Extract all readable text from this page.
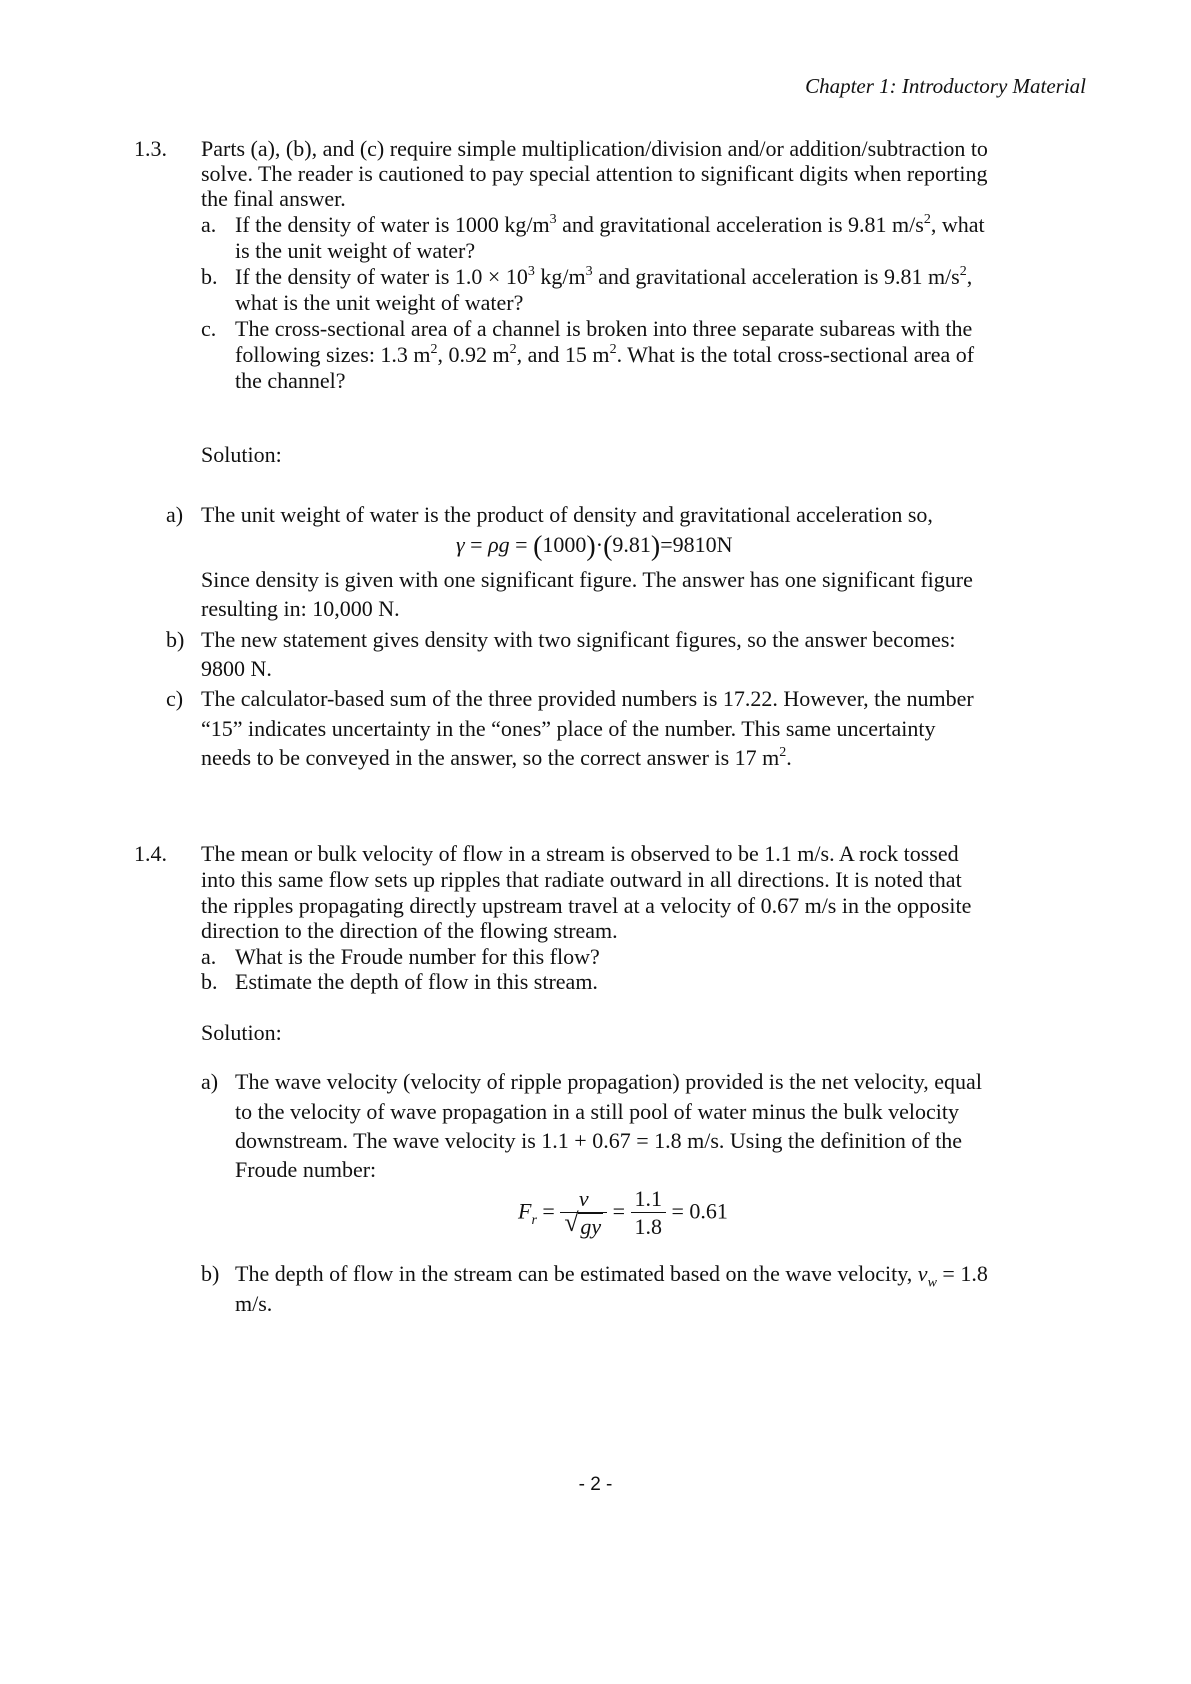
Chapter 1: Introductory Material
1.3. Parts (a), (b), and (c) require simple multiplication/division and/or addition/subtraction to
solve. The reader is cautioned to pay special attention to significant digits when reporting
the final answer.
a. If the density of water is 1000 $kg/m^3$ and gravitational acceleration is 9.81 $m/s^2$, what
is the unit weight of water?
b. If the density of water is $1.0 \times 10^3$ $kg/m^3$ and gravitational acceleration is 9.81 $m/s^2$,
what is the unit weight of water?
c. The cross-sectional area of a channel is broken into three separate subareas with the
following sizes: 1.3 $m^2$, 0.92 $m^2$, and 15 $m^2$. What is the total cross-sectional area of
the channel?
Solution:
a) The unit weight of water is the product of density and gravitational acceleration so,
γ = ρg = (1000)·(9.81)=9810N
Since density is given with one significant figure. The answer has one significant figure
resulting in: 10,000 N.
b) The new statement gives density with two significant figures, so the answer becomes:
9800 N.
c) The calculator-based sum of the three provided numbers is 17.22. However, the number
“15” indicates uncertainty in the “ones” place of the number. This same uncertainty
needs to be conveyed in the answer, so the correct answer is 17 $m^2$.
1.4. The mean or bulk velocity of flow in a stream is observed to be 1.1 m/s. A rock tossed
into this same flow sets up ripples that radiate outward in all directions. It is noted that
the ripples propagating directly upstream travel at a velocity of 0.67 m/s in the opposite
direction to the direction of the flowing stream.
a. What is the Froude number for this flow?
b. Estimate the depth of flow in this stream.
Solution:
a) The wave velocity (velocity of ripple propagation) provided is the net velocity, equal
to the velocity of wave propagation in a still pool of water minus the bulk velocity
downstream. The wave velocity is 1.1 + 0.67 = 1.8 m/s. Using the definition of the
Froude number:
$F_r = \frac{v}{√ gy} = \frac{1.1}{1.8} = 0.61$
b) The depth of flow in the stream can be estimated based on the wave velocity, $v_w = 1.8$
m/s.
- 2 -
